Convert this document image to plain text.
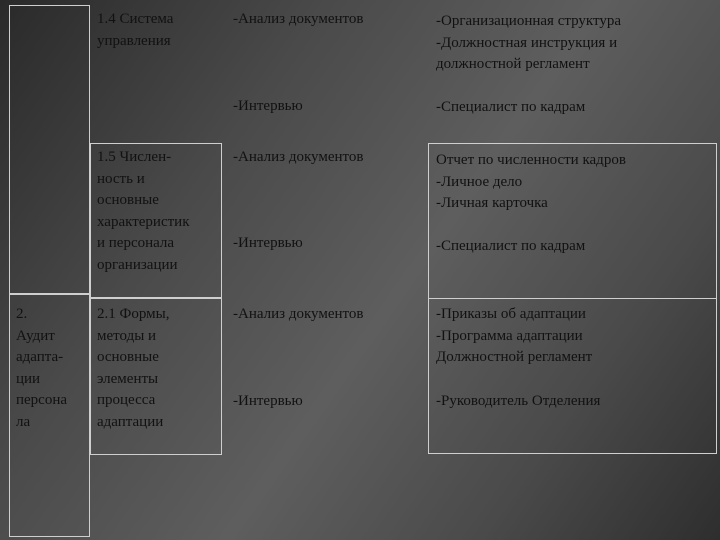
1.4 Система
управления
-Анализ документов
-Интервью
-Организационная структура
-Должностная инструкция и
должностной регламент
-Специалист по кадрам
1.5 Числен-
ность и
основные
характеристик
и персонала
организации
-Анализ документов
-Интервью
Отчет по численности кадров
-Личное дело
-Личная карточка
-Специалист по кадрам
2.
Аудит
адапта-
ции
персона
ла
2.1 Формы,
методы и
основные
элементы
процесса
адаптации
-Анализ документов
-Интервью
-Приказы об адаптации
-Программа адаптации
Должностной регламент
-Руководитель Отделения
